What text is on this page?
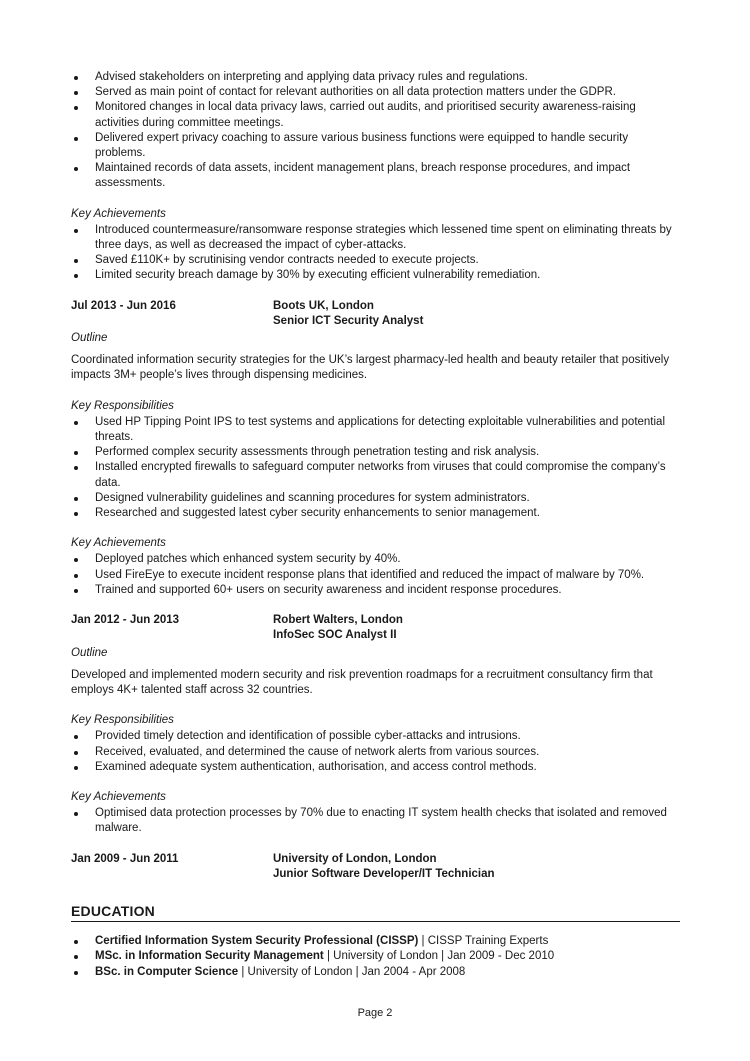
Advised stakeholders on interpreting and applying data privacy rules and regulations.
Served as main point of contact for relevant authorities on all data protection matters under the GDPR.
Monitored changes in local data privacy laws, carried out audits, and prioritised security awareness-raising activities during committee meetings.
Delivered expert privacy coaching to assure various business functions were equipped to handle security problems.
Maintained records of data assets, incident management plans, breach response procedures, and impact assessments.
Key Achievements
Introduced countermeasure/ransomware response strategies which lessened time spent on eliminating threats by three days, as well as decreased the impact of cyber-attacks.
Saved £110K+ by scrutinising vendor contracts needed to execute projects.
Limited security breach damage by 30% by executing efficient vulnerability remediation.
Jul 2013 - Jun 2016	Boots UK, London
Senior ICT Security Analyst
Outline
Coordinated information security strategies for the UK’s largest pharmacy-led health and beauty retailer that positively impacts 3M+ people’s lives through dispensing medicines.
Key Responsibilities
Used HP Tipping Point IPS to test systems and applications for detecting exploitable vulnerabilities and potential threats.
Performed complex security assessments through penetration testing and risk analysis.
Installed encrypted firewalls to safeguard computer networks from viruses that could compromise the company’s data.
Designed vulnerability guidelines and scanning procedures for system administrators.
Researched and suggested latest cyber security enhancements to senior management.
Key Achievements
Deployed patches which enhanced system security by 40%.
Used FireEye to execute incident response plans that identified and reduced the impact of malware by 70%.
Trained and supported 60+ users on security awareness and incident response procedures.
Jan 2012 - Jun 2013	Robert Walters, London
InfoSec SOC Analyst II
Outline
Developed and implemented modern security and risk prevention roadmaps for a recruitment consultancy firm that employs 4K+ talented staff across 32 countries.
Key Responsibilities
Provided timely detection and identification of possible cyber-attacks and intrusions.
Received, evaluated, and determined the cause of network alerts from various sources.
Examined adequate system authentication, authorisation, and access control methods.
Key Achievements
Optimised data protection processes by 70% due to enacting IT system health checks that isolated and removed malware.
Jan 2009 - Jun 2011	University of London, London
Junior Software Developer/IT Technician
EDUCATION
Certified Information System Security Professional (CISSP) | CISSP Training Experts
MSc. in Information Security Management | University of London | Jan 2009 - Dec 2010
BSc. in Computer Science | University of London | Jan 2004 - Apr 2008
Page 2
